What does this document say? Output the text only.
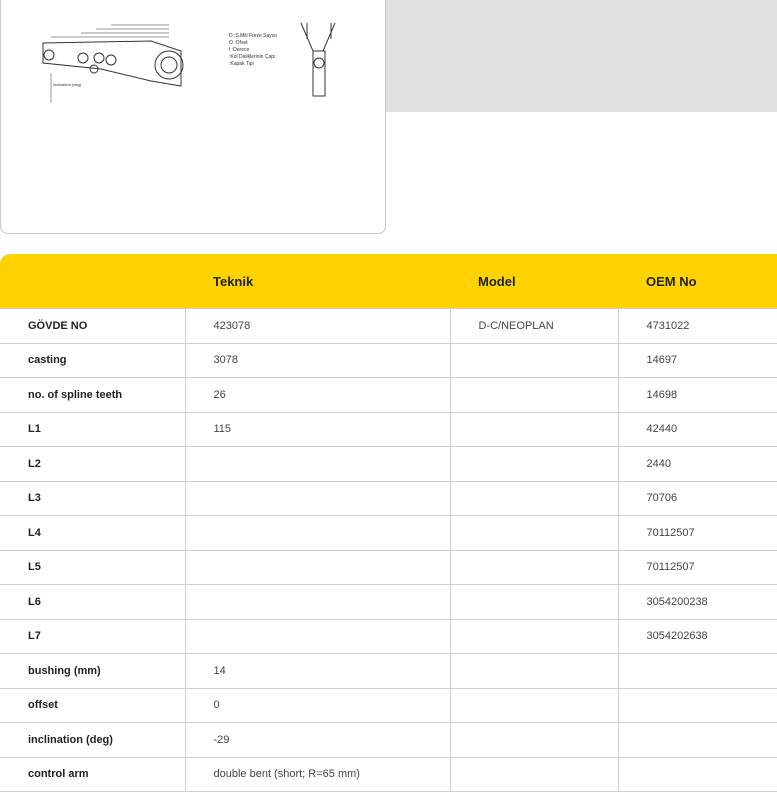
inclination (deg)
D :S.Mili Freze Sayısı
O :Ofset
I :Derece
:Kol Deliklerinin Çapı
:Kapak Tipi
	Teknik	Model	OEM No
GÖVDE NO	423078	D-C/NEOPLAN	4731022
casting	3078		14697
no. of spline teeth	26		14698
L1	115		42440
L2			2440
L3			70706
L4			70112507
L5			70112507
L6			3054200238
L7			3054202638
bushing (mm)	14		
offset	0		
inclination (deg)	-29		
control arm	double bent (short; R=65 mm)		
